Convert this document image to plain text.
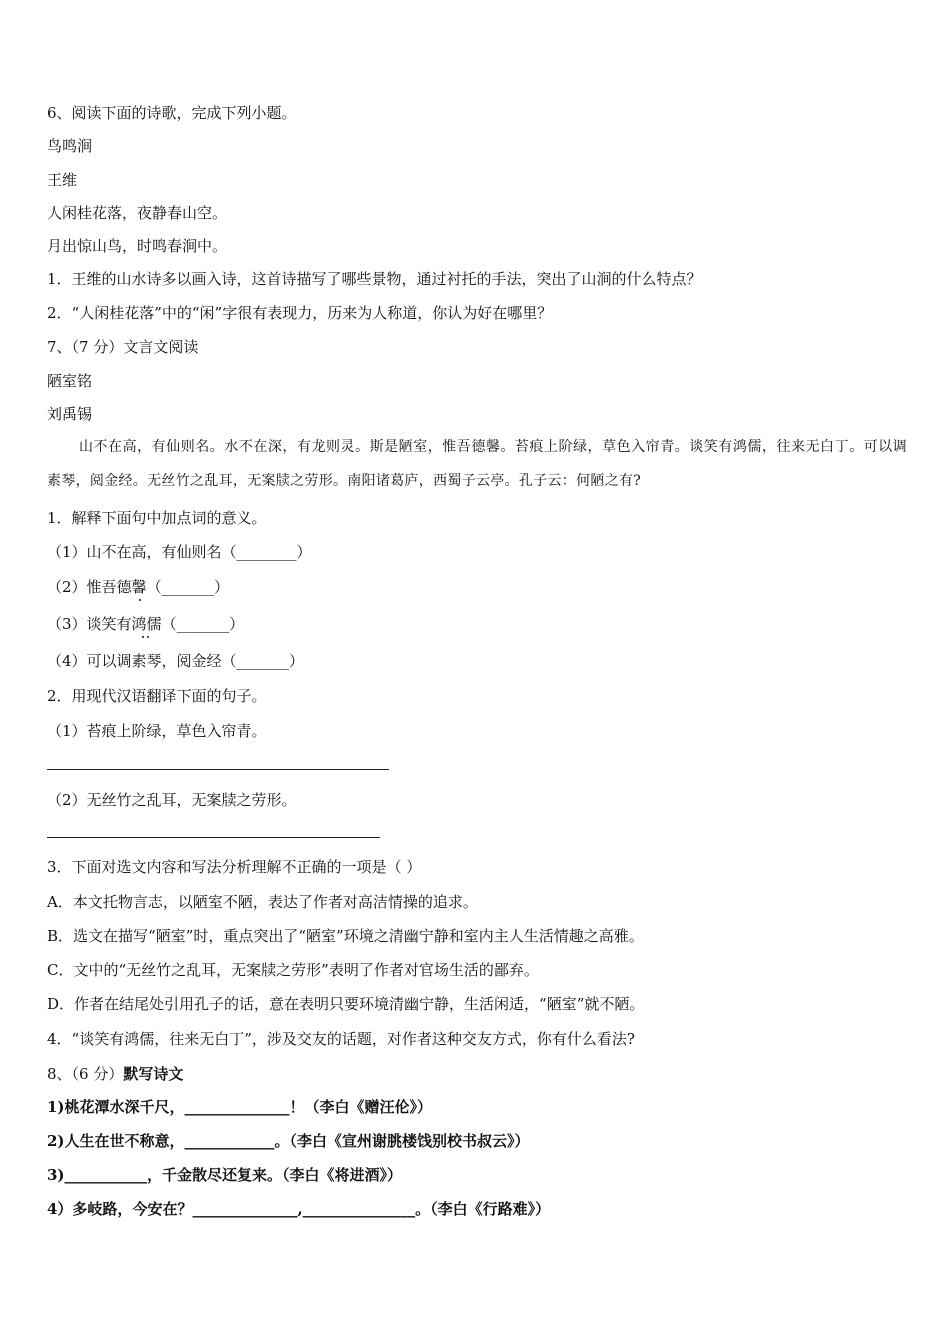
6、阅读下面的诗歌，完成下列小题。
鸟鸣涧
王维
人闲桂花落，夜静春山空。
月出惊山鸟，时鸣春涧中。
1．王维的山水诗多以画入诗，这首诗描写了哪些景物，通过衬托的手法，突出了山涧的什么特点？
2．“人闲桂花落”中的“闲”字很有表现力，历来为人称道，你认为好在哪里？
7、（7 分）文言文阅读
陋室铭
刘禹锡
山不在高，有仙则名。水不在深，有龙则灵。斯是陋室，惟吾德馨。苔痕上阶绿，草色入帘青。谈笑有鸿儒，往来无白丁。可以调素琴，阅金经。无丝竹之乱耳，无案牍之劳形。南阳诸葛庐，西蜀子云亭。孔子云：何陋之有?
1．解释下面句中加点词的意义。
（1）山不在高，有仙则名（________）
（2）惟吾德馨（_______）
（3）谈笑有鸿儒（_______）
（4）可以调素琴，阅金经（_______）
2．用现代汉语翻译下面的句子。
（1）苔痕上阶绿，草色入帘青。
（2）无丝竹之乱耳，无案牍之劳形。
3．下面对选文内容和写法分析理解不正确的一项是（ ）
A．本文托物言志，以陋室不陋，表达了作者对高洁情操的追求。
B．选文在描写“陋室”时，重点突出了“陋室”环境之清幽宁静和室内主人生活情趣之高雅。
C．文中的“无丝竹之乱耳，无案牍之劳形”表明了作者对官场生活的鄙弃。
D．作者在结尾处引用孔子的话，意在表明只要环境清幽宁静，生活闲适，“陋室”就不陋。
4．“谈笑有鸿儒，往来无白丁”，涉及交友的话题，对作者这种交友方式，你有什么看法?
8、（6 分）默写诗文
1)桃花潭水深千尺，______________！（李白《赠汪伦》）
2)人生在世不称意，____________。（李白《宣州谢朓楼饯别校书叔云》）
3)___________，千金散尽还复来。（李白《将进酒》）
4）多岐路，今安在？______________,_______________。（李白《行路难》）
